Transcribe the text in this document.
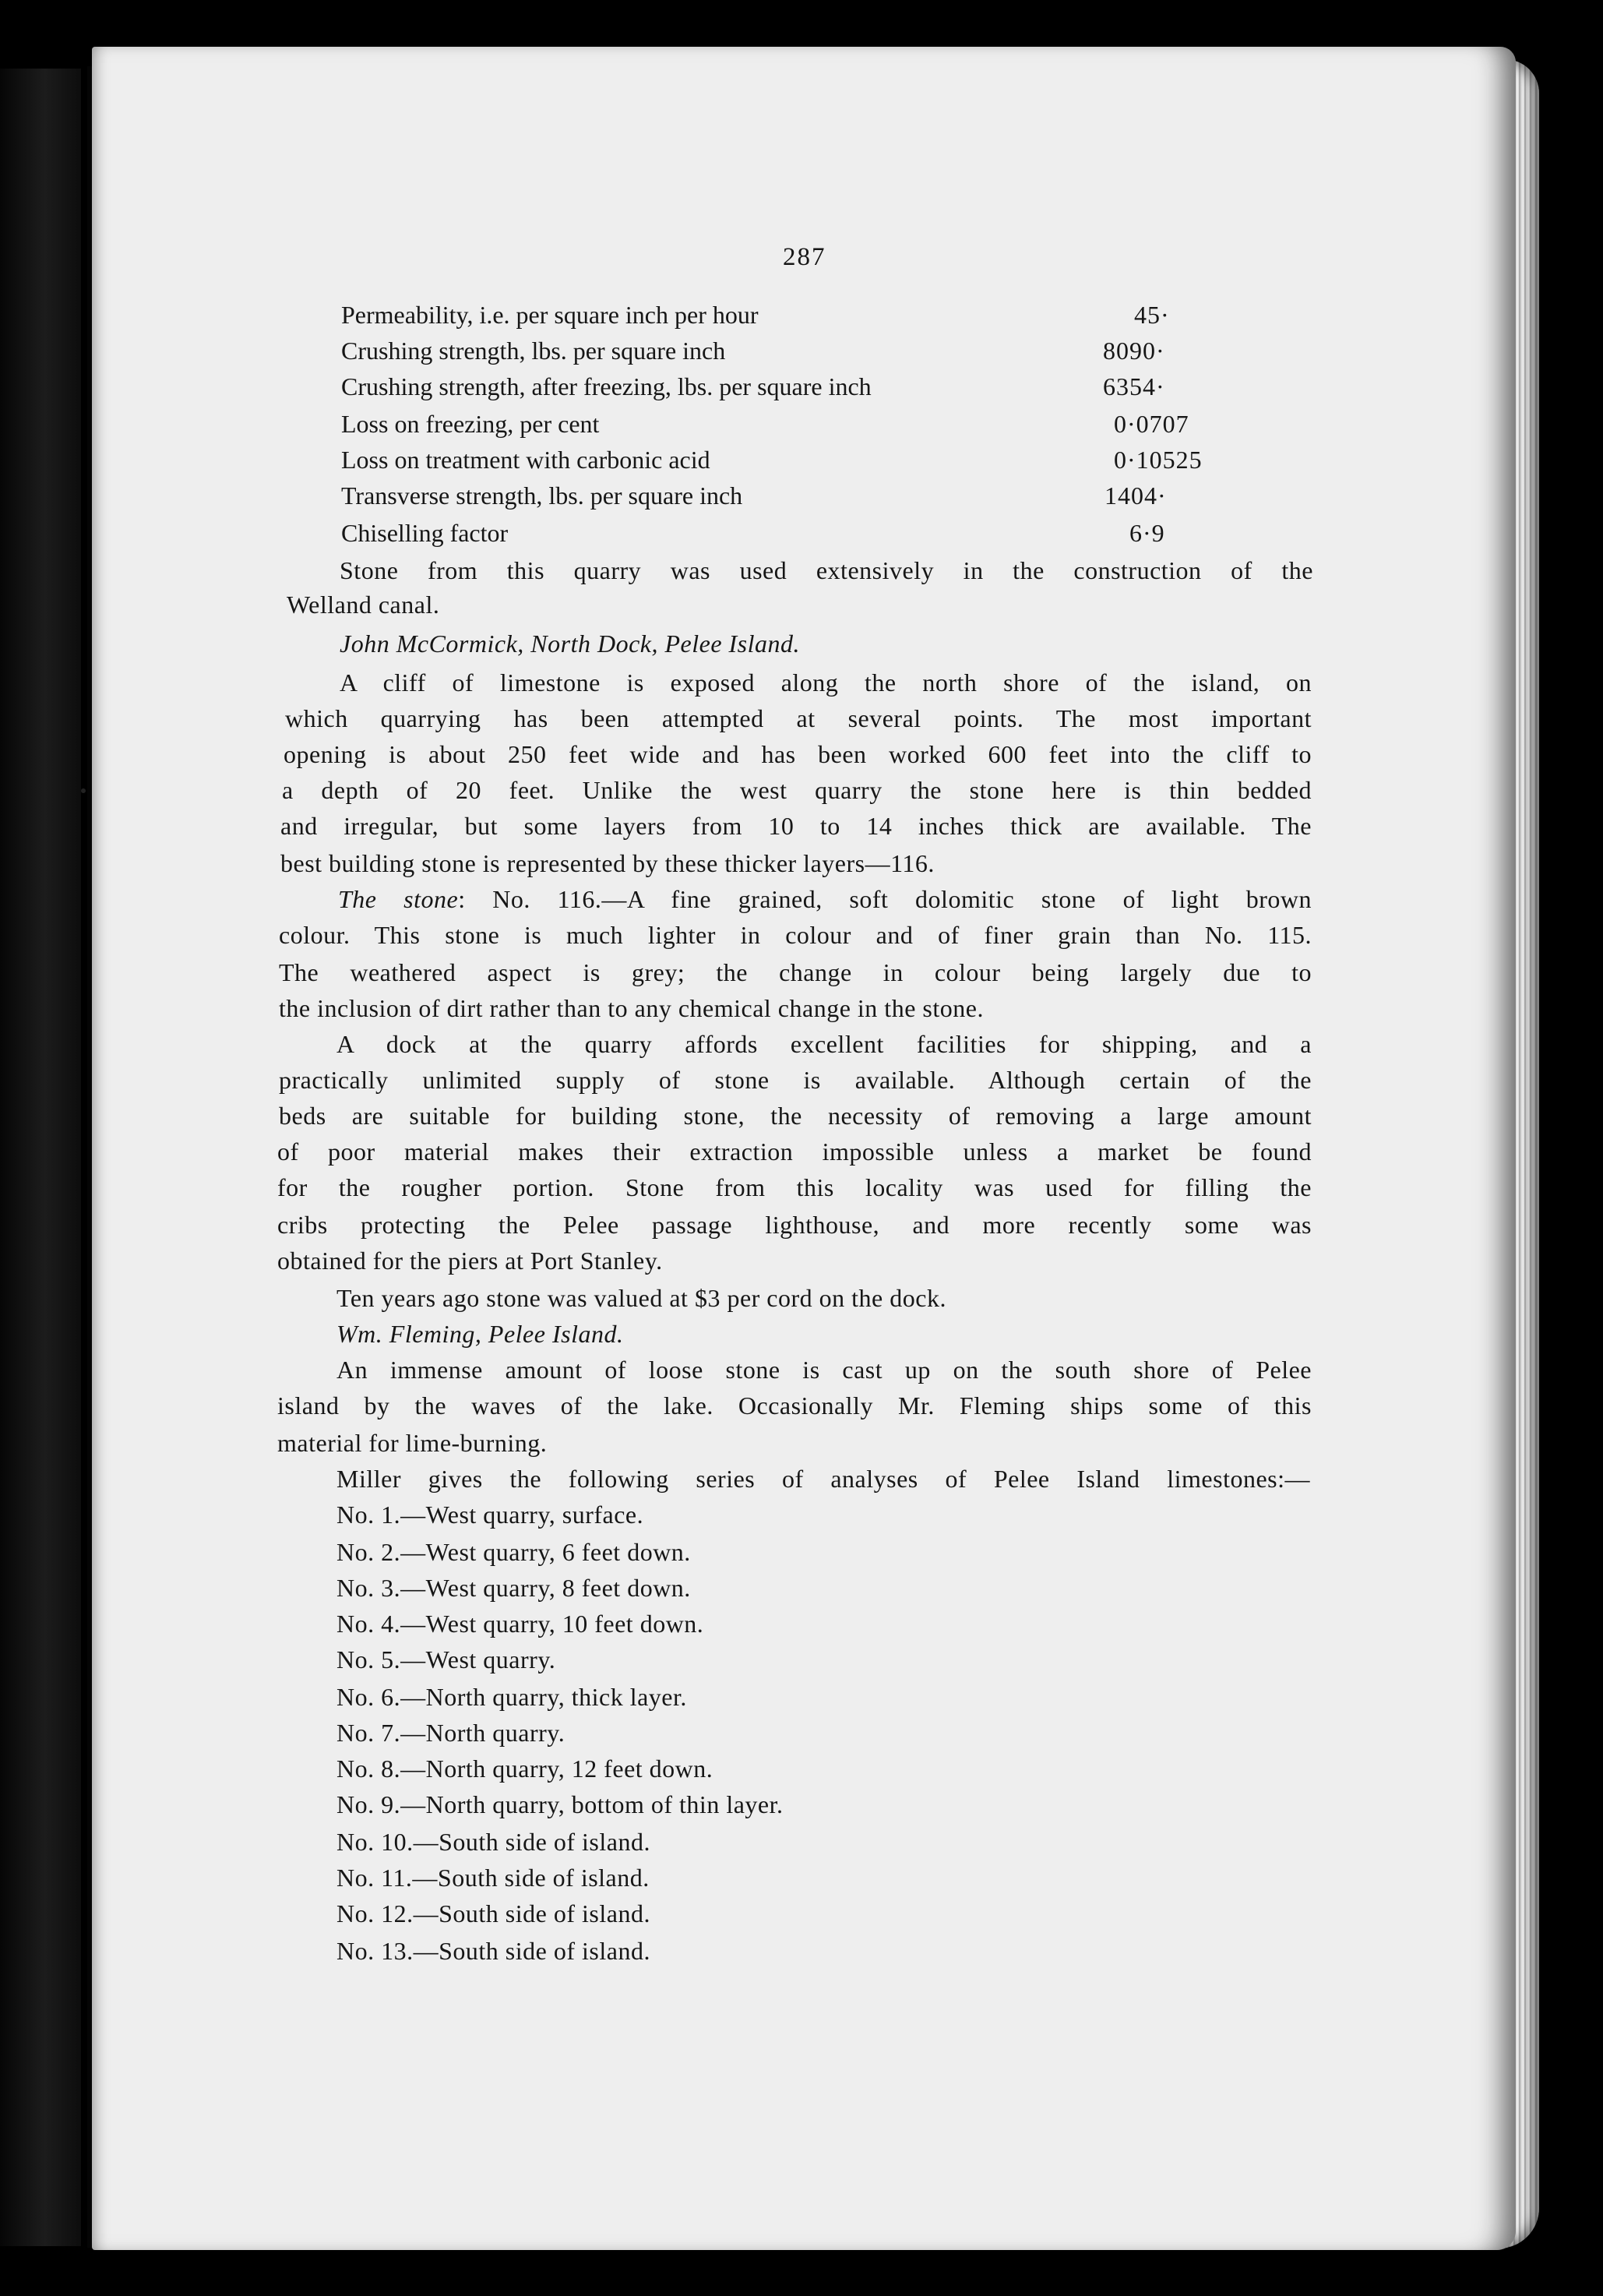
287
Permeability, i.e. per square inch per hour	45·
Crushing strength, lbs. per square inch	8090·
Crushing strength, after freezing, lbs. per square inch	6354·
Loss on freezing, per cent	0·0707
Loss on treatment with carbonic acid	0·10525
Transverse strength, lbs. per square inch	1404·
Chiselling factor	6·9
Stone from this quarry was used extensively in the construction of the
Welland canal.
John McCormick, North Dock, Pelee Island.
A cliff of limestone is exposed along the north shore of the island, on
which quarrying has been attempted at several points. The most important
opening is about 250 feet wide and has been worked 600 feet into the cliff to
a depth of 20 feet. Unlike the west quarry the stone here is thin bedded
and irregular, but some layers from 10 to 14 inches thick are available. The
best building stone is represented by these thicker layers—116.
The stone: No. 116.—A fine grained, soft dolomitic stone of light brown
colour. This stone is much lighter in colour and of finer grain than No. 115.
The weathered aspect is grey; the change in colour being largely due to
the inclusion of dirt rather than to any chemical change in the stone.
A dock at the quarry affords excellent facilities for shipping, and a
practically unlimited supply of stone is available. Although certain of the
beds are suitable for building stone, the necessity of removing a large amount
of poor material makes their extraction impossible unless a market be found
for the rougher portion. Stone from this locality was used for filling the
cribs protecting the Pelee passage lighthouse, and more recently some was
obtained for the piers at Port Stanley.
Ten years ago stone was valued at $3 per cord on the dock.
Wm. Fleming, Pelee Island.
An immense amount of loose stone is cast up on the south shore of Pelee
island by the waves of the lake. Occasionally Mr. Fleming ships some of this
material for lime-burning.
Miller gives the following series of analyses of Pelee Island limestones:—
No. 1.—West quarry, surface.
No. 2.—West quarry, 6 feet down.
No. 3.—West quarry, 8 feet down.
No. 4.—West quarry, 10 feet down.
No. 5.—West quarry.
No. 6.—North quarry, thick layer.
No. 7.—North quarry.
No. 8.—North quarry, 12 feet down.
No. 9.—North quarry, bottom of thin layer.
No. 10.—South side of island.
No. 11.—South side of island.
No. 12.—South side of island.
No. 13.—South side of island.
